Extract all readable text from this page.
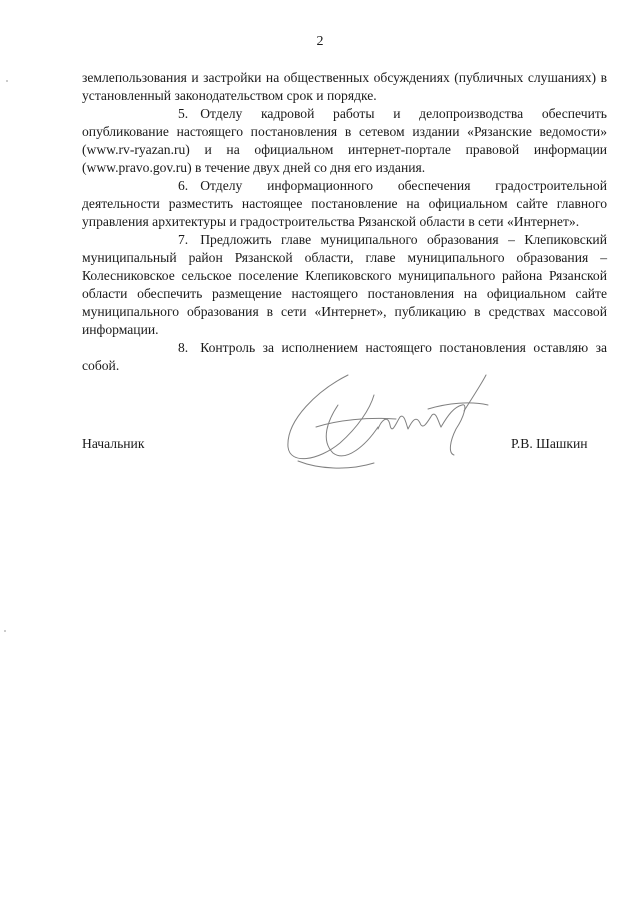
2

землепользования и застройки на общественных обсуждениях (публичных слушаниях) в установленный законодательством срок и порядке.

5. Отделу кадровой работы и делопроизводства обеспечить опубликование настоящего постановления в сетевом издании «Рязанские ведомости» (www.rv-ryazan.ru) и на официальном интернет-портале правовой информации (www.pravo.gov.ru) в течение двух дней со дня его издания.

6. Отделу информационного обеспечения градостроительной деятельности разместить настоящее постановление на официальном сайте главного управления архитектуры и градостроительства Рязанской области в сети «Интернет».

7. Предложить главе муниципального образования – Клепиковский муниципальный район Рязанской области, главе муниципального образования – Колесниковское сельское поселение Клепиковского муниципального района Рязанской области обеспечить размещение настоящего постановления на официальном сайте муниципального образования в сети «Интернет», публикацию в средствах массовой информации.

8. Контроль за исполнением настоящего постановления оставляю за собой.

Начальник	Р.В. Шашкин
